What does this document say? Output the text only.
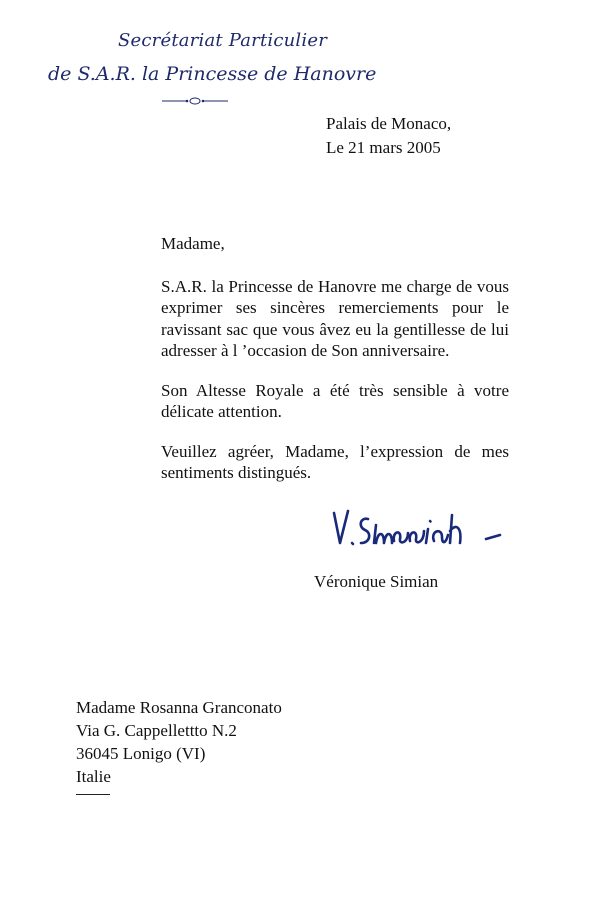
Secrétariat Particulier
de S.A.R. la Princesse de Hanovre
Palais de Monaco,
Le 21 mars 2005

Madame,

S.A.R. la Princesse de Hanovre me charge de vous exprimer ses sincères remerciements pour le ravissant sac que vous âvez eu la gentillesse de lui adresser à l ’occasion de Son anniversaire.

Son Altesse Royale a été très sensible à votre délicate attention.

Veuillez agréer, Madame, l’expression de mes sentiments distingués.

Véronique Simian
Madame Rosanna Granconato
Via G. Cappellettto N.2
36045 Lonigo (VI)
Italie
